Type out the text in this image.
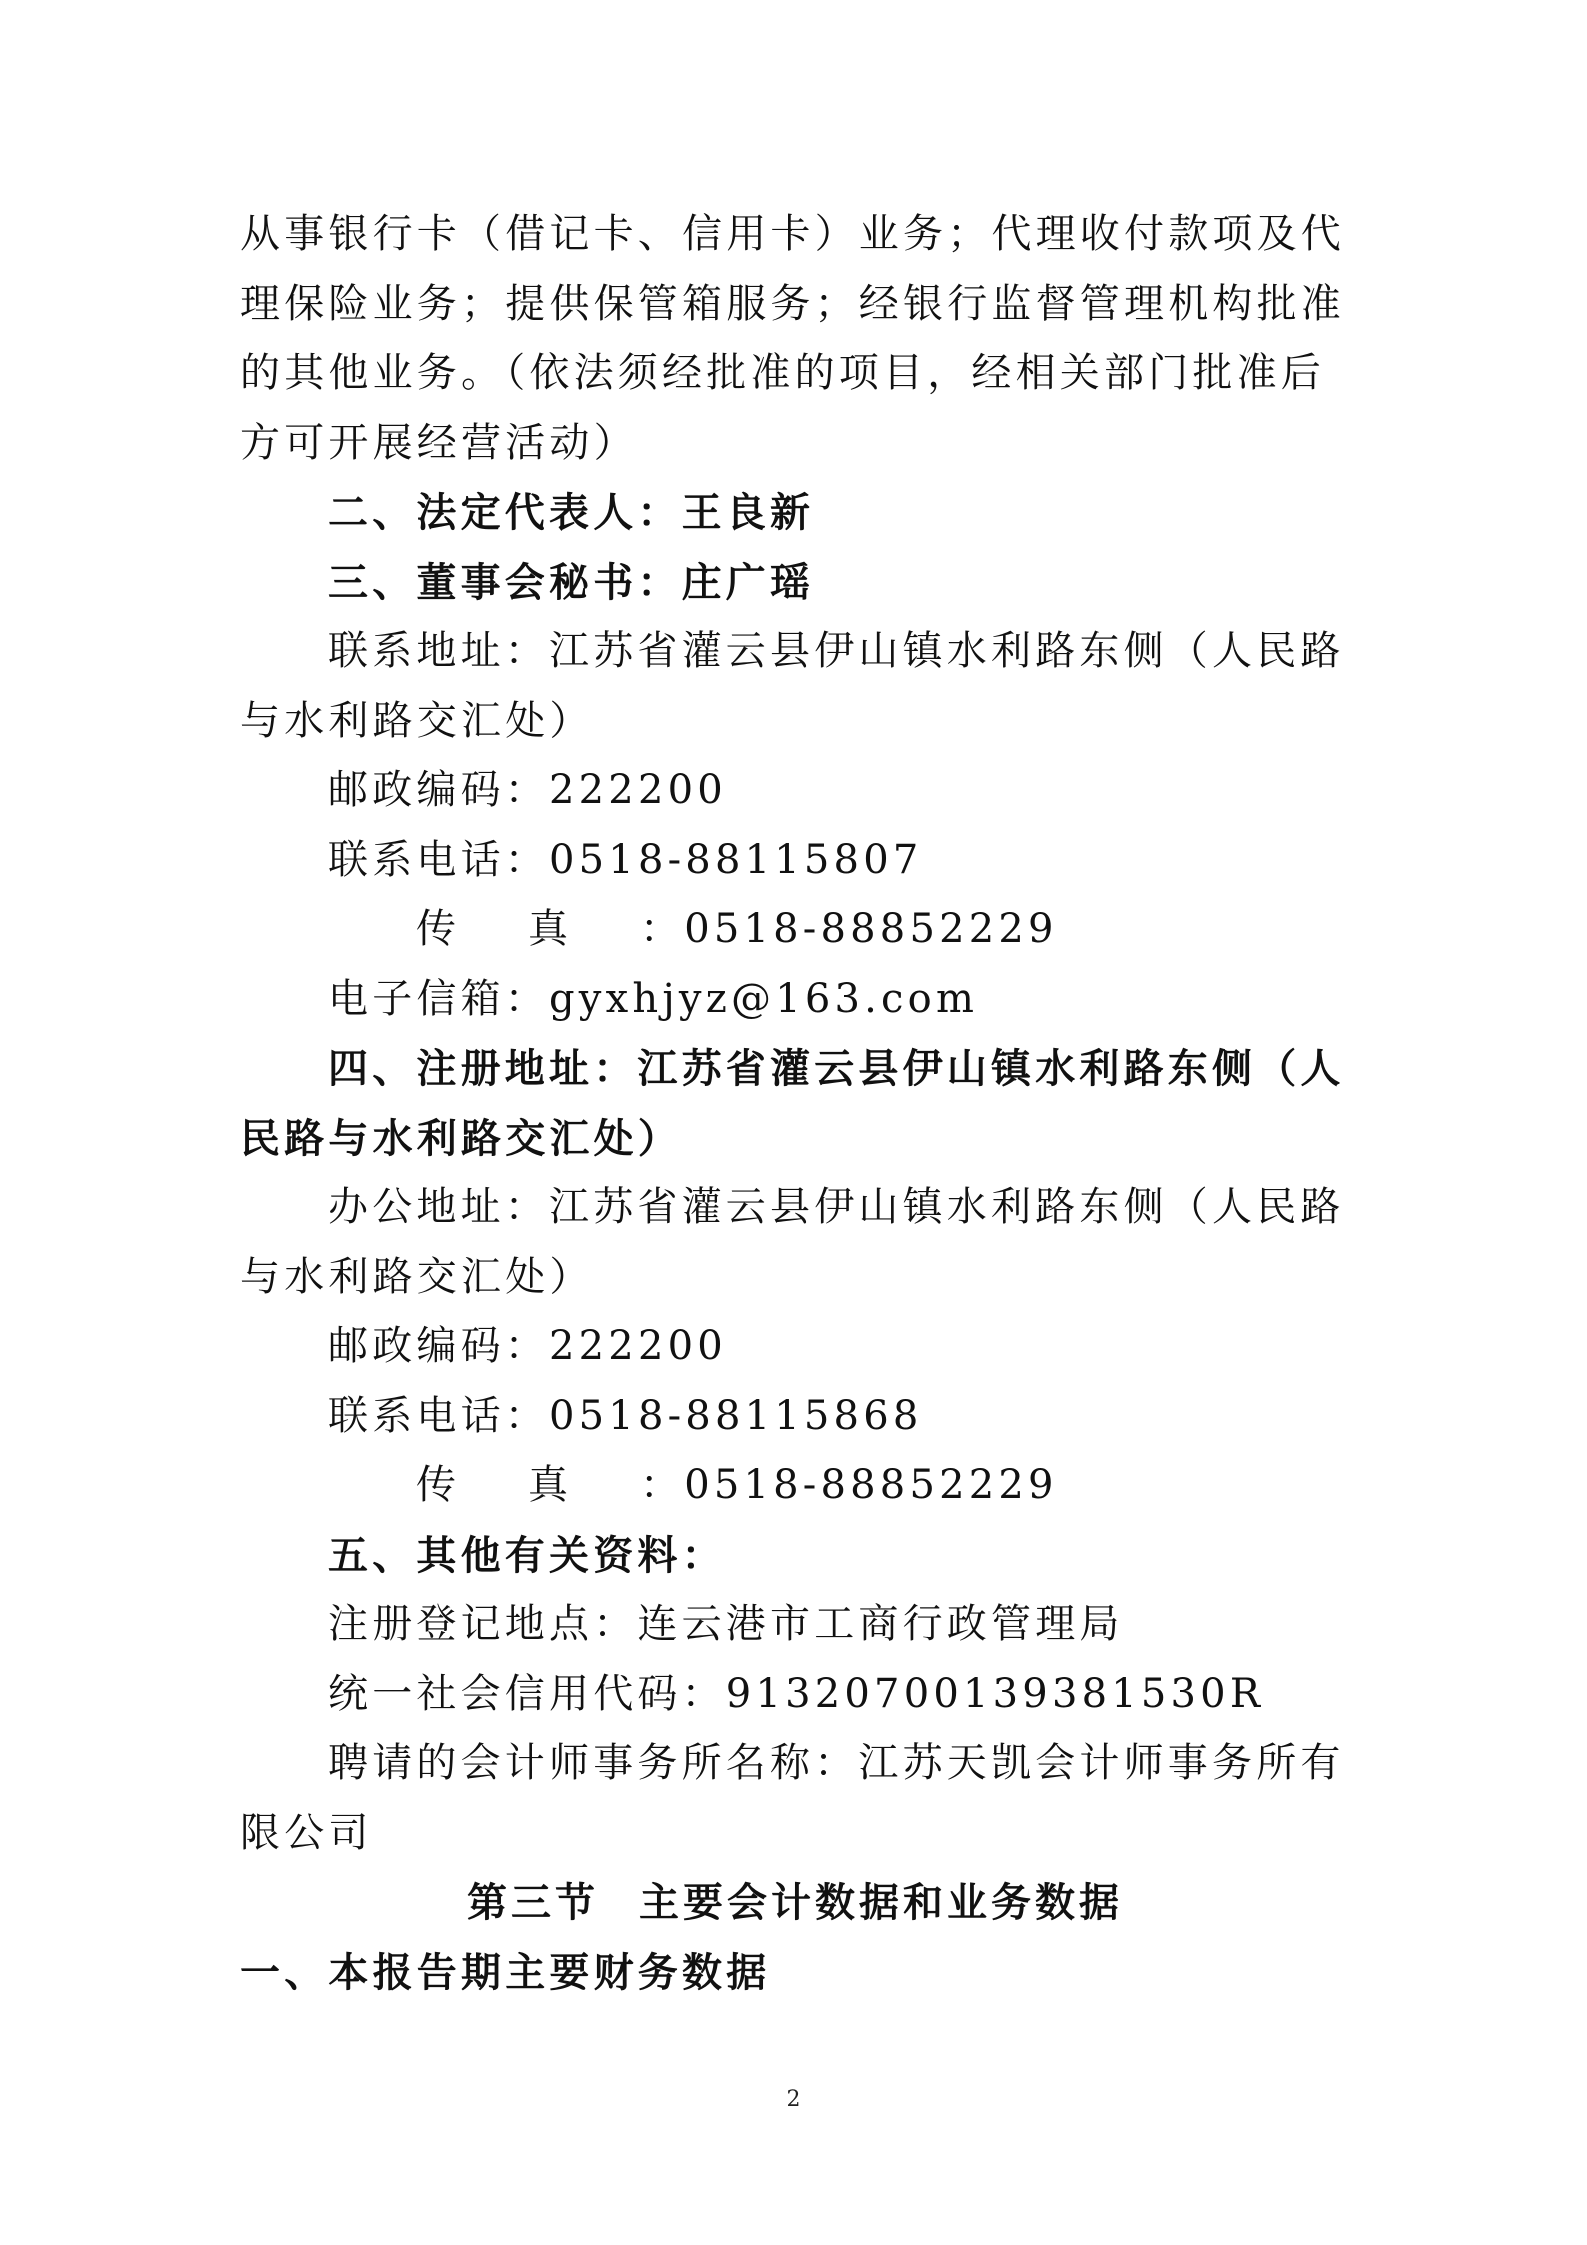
从事银行卡（借记卡、信用卡）业务；代理收付款项及代理保险业务；提供保管箱服务；经银行监督管理机构批准的其他业务。（依法须经批准的项目，经相关部门批准后方可开展经营活动）

二、法定代表人：王良新

三、董事会秘书：庄广瑶

联系地址：江苏省灌云县伊山镇水利路东侧（人民路与水利路交汇处）

邮政编码：222200

联系电话：0518-88115807

传真：0518-88852229

电子信箱：gyxhjyz@163.com

四、注册地址：江苏省灌云县伊山镇水利路东侧（人民路与水利路交汇处）

办公地址：江苏省灌云县伊山镇水利路东侧（人民路与水利路交汇处）

邮政编码：222200

联系电话：0518-88115868

传真：0518-88852229

五、其他有关资料：

注册登记地点：连云港市工商行政管理局

统一社会信用代码：91320700139381530R

聘请的会计师事务所名称：江苏天凯会计师事务所有限公司

第三节 主要会计数据和业务数据

一、本报告期主要财务数据

2
